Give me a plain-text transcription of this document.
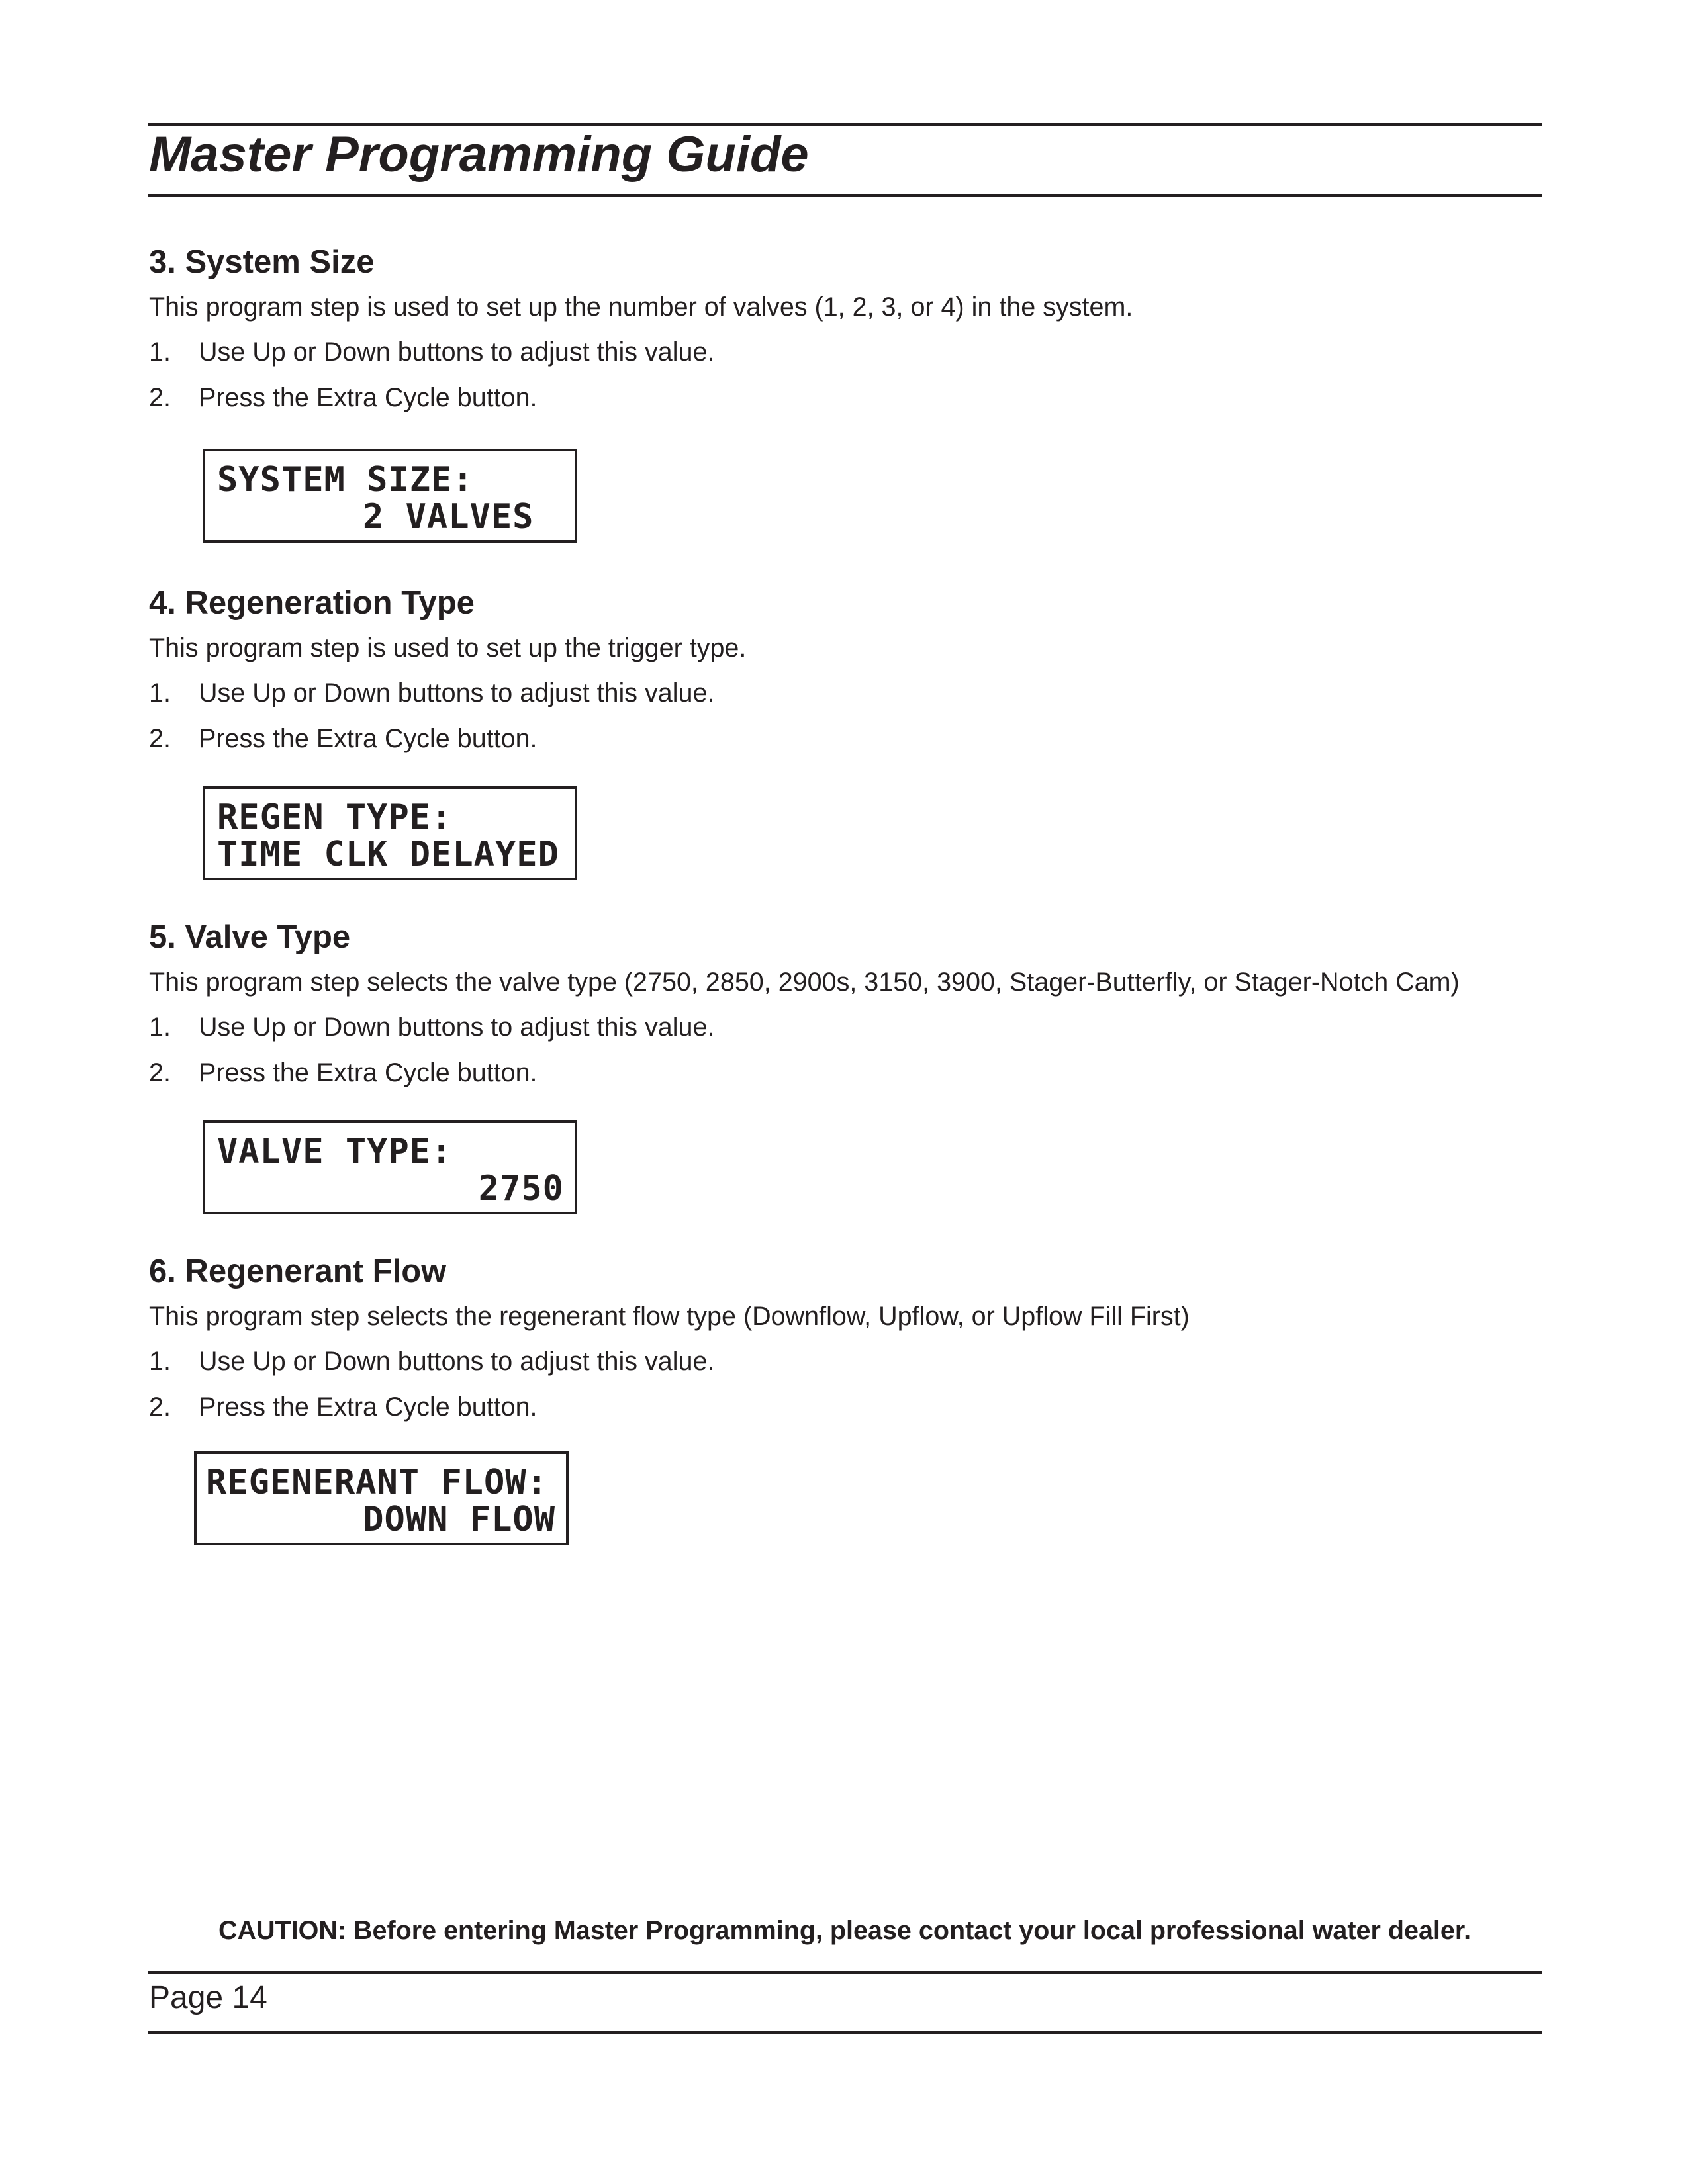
Master Programming Guide
3. System Size

This program step is used to set up the number of valves (1, 2, 3, or 4) in the system.

1. Use Up or Down buttons to adjust this value.
2. Press the Extra Cycle button.
SYSTEM SIZE:
2 VALVES
4. Regeneration Type

This program step is used to set up the trigger type.

1. Use Up or Down buttons to adjust this value.
2. Press the Extra Cycle button.
REGEN TYPE:
TIME CLK DELAYED
5. Valve Type

This program step selects the valve type (2750, 2850, 2900s, 3150, 3900, Stager-Butterfly, or Stager-Notch Cam)

1. Use Up or Down buttons to adjust this value.
2. Press the Extra Cycle button.
VALVE TYPE:
2750
6. Regenerant Flow

This program step selects the regenerant flow type (Downflow, Upflow, or Upflow Fill First)

1. Use Up or Down buttons to adjust this value.
2. Press the Extra Cycle button.
REGENERANT FLOW:
DOWN FLOW

CAUTION: Before entering Master Programming, please contact your local professional water dealer.

Page 14
